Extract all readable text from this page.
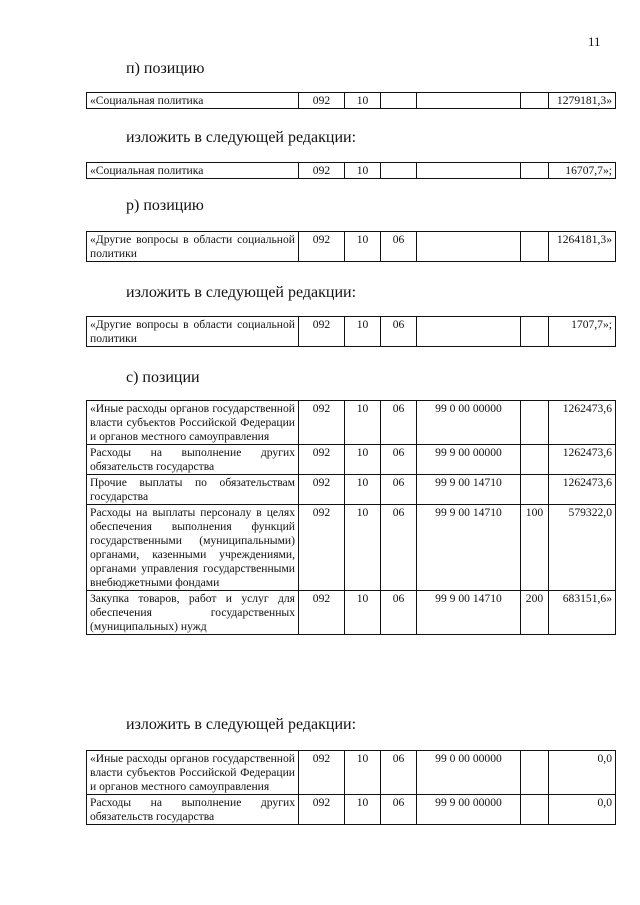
11
п) позицию
«Социальная политика	092	10				1279181,3»
изложить в следующей редакции:
«Социальная политика	092	10				16707,7»;
р) позицию
«Другие вопросы в области социальной политики	092	10	06			1264181,3»
изложить в следующей редакции:
«Другие вопросы в области социальной политики	092	10	06			1707,7»;
с) позиции
«Иные расходы органов государственной власти субъектов Российской Федерации и органов местного самоуправления	092	10	06	99 0 00 00000		1262473,6
Расходы на выполнение других обязательств государства	092	10	06	99 9 00 00000		1262473,6
Прочие выплаты по обязательствам государства	092	10	06	99 9 00 14710		1262473,6
Расходы на выплаты персоналу в целях обеспечения выполнения функций государственными (муниципальными) органами, казенными учреждениями, органами управления государственными внебюджетными фондами	092	10	06	99 9 00 14710	100	579322,0
Закупка товаров, работ и услуг для обеспечения государственных (муниципальных) нужд	092	10	06	99 9 00 14710	200	683151,6»
изложить в следующей редакции:
«Иные расходы органов государственной власти субъектов Российской Федерации и органов местного самоуправления	092	10	06	99 0 00 00000		0,0
Расходы на выполнение других обязательств государства	092	10	06	99 9 00 00000		0,0
